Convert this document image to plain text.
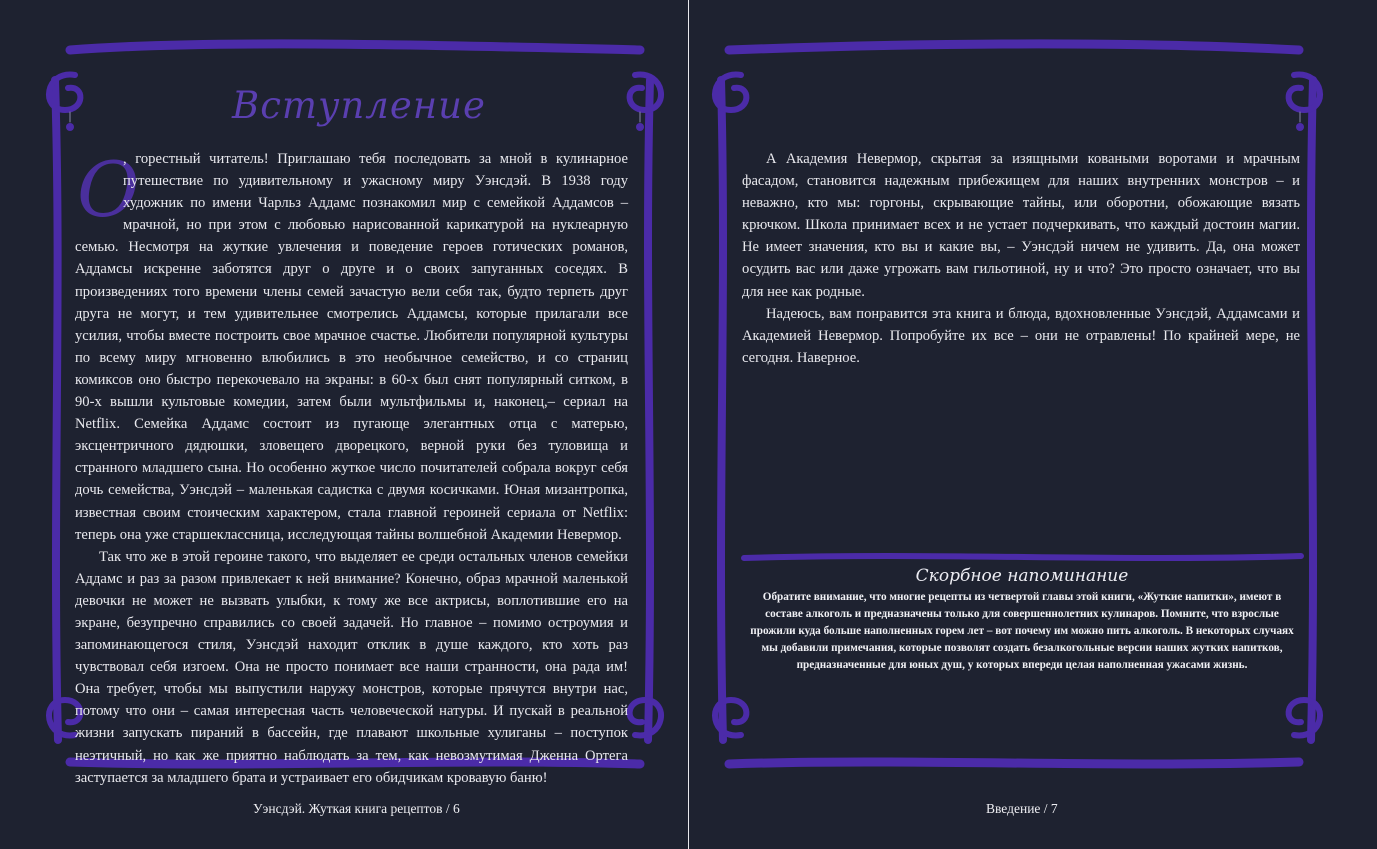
Вступление
О

, горестный читатель! Приглашаю тебя последовать за мной в кулинарное путешествие по удивительному и ужасному миру Уэнсдэй. В 1938 году художник по имени Чарльз Аддамс познакомил мир с семейкой Аддамсов – мрачной, но при этом с любовью нарисованной карикатурой на нуклеарную семью. Несмотря на жуткие увлечения и поведение героев готических романов, Аддамсы искренне заботятся друг о друге и о своих запуганных соседях. В произведениях того времени члены семей зачастую вели себя так, будто терпеть друг друга не могут, и тем удивительнее смотрелись Аддамсы, которые прилагали все усилия, чтобы вместе построить свое мрачное счастье. Любители популярной культуры по всему миру мгновенно влюбились в это необычное семейство, и со страниц комиксов оно быстро перекочевало на экраны: в 60-х был снят популярный ситком, в 90-х вышли культовые комедии, затем были мультфильмы и, наконец,– сериал на Netflix. Семейка Аддамс состоит из пугающе элегантных отца с матерью, эксцентричного дядюшки, зловещего дворецкого, верной руки без туловища и странного младшего сына. Но особенно жуткое число почитателей собрала вокруг себя дочь семейства, Уэнсдэй – маленькая садистка с двумя косичками. Юная мизантропка, известная своим стоическим характером, стала главной героиней сериала от Netflix: теперь она уже старшеклассница, исследующая тайны волшебной Академии Невермор.

Так что же в этой героине такого, что выделяет ее среди остальных членов семейки Аддамс и раз за разом привлекает к ней внимание? Конечно, образ мрачной маленькой девочки не может не вызвать улыбки, к тому же все актрисы, воплотившие его на экране, безупречно справились со своей задачей. Но главное – помимо остроумия и запоминающегося стиля, Уэнсдэй находит отклик в душе каждого, кто хоть раз чувствовал себя изгоем. Она не просто понимает все наши странности, она рада им! Она требует, чтобы мы выпустили наружу монстров, которые прячутся внутри нас, потому что они – самая интересная часть человеческой натуры. И пускай в реальной жизни запускать пираний в бассейн, где плавают школьные хулиганы – поступок неэтичный, но как же приятно наблюдать за тем, как невозмутимая Дженна Ортега заступается за младшего брата и устраивает его обидчикам кровавую баню!

Уэнсдэй. Жуткая книга рецептов / 6

А Академия Невермор, скрытая за изящными коваными воротами и мрачным фасадом, становится надежным прибежищем для наших внутренних монстров – и неважно, кто мы: горгоны, скрывающие тайны, или оборотни, обожающие вязать крючком. Школа принимает всех и не устает подчеркивать, что каждый достоин магии. Не имеет значения, кто вы и какие вы, – Уэнсдэй ничем не удивить. Да, она может осудить вас или даже угрожать вам гильотиной, ну и что? Это просто означает, что вы для нее как родные.

Надеюсь, вам понравится эта книга и блюда, вдохновленные Уэнсдэй, Аддамсами и Академией Невермор. Попробуйте их все – они не отравлены! По крайней мере, не сегодня. Наверное.

Скорбное напоминание

Обратите внимание, что многие рецепты из четвертой главы этой книги, «Жуткие напитки», имеют в составе алкоголь и предназначены только для совершеннолетних кулинаров. Помните, что взрослые прожили куда больше наполненных горем лет – вот почему им можно пить алкоголь. В некоторых случаях мы добавили примечания, которые позволят создать безалкогольные версии наших жутких напитков, предназначенные для юных душ, у которых впереди целая наполненная ужасами жизнь.

Введение / 7
